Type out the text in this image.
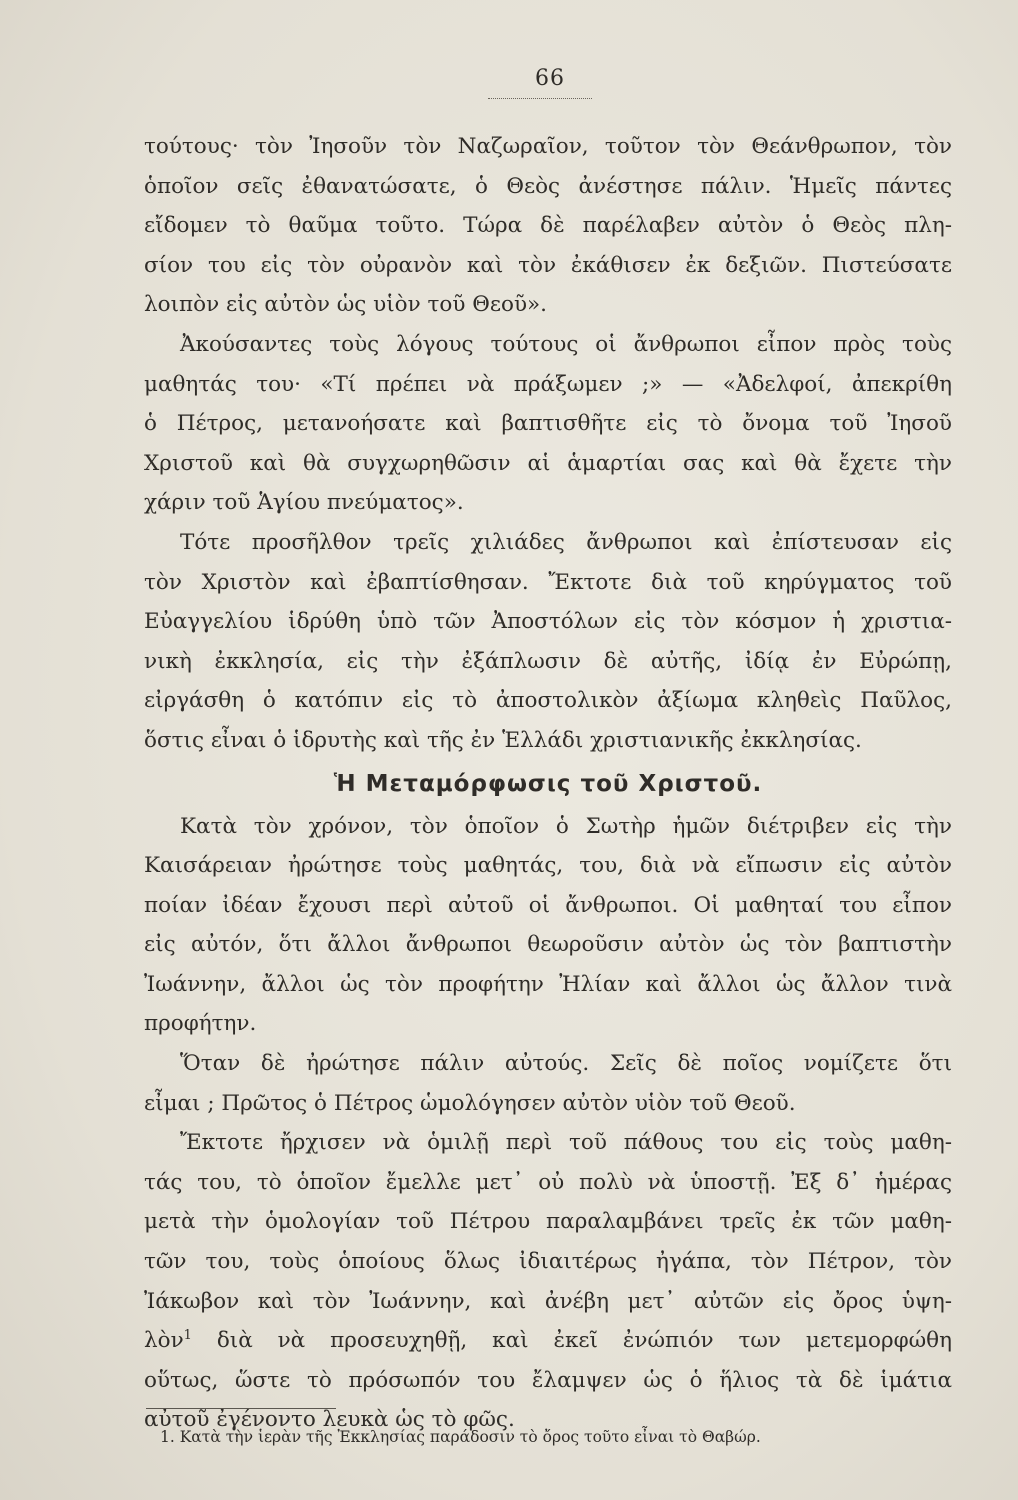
66
τούτους· τὸν Ἰησοῦν τὸν Ναζωραῖον, τοῦτον τὸν Θεάνθρωπον, τὸν
ὁποῖον σεῖς ἐθανατώσατε, ὁ Θεὸς ἀνέστησε πάλιν. Ἡμεῖς πάντες
εἴδομεν τὸ θαῦμα τοῦτο. Τώρα δὲ παρέλαβεν αὐτὸν ὁ Θεὸς πλη-
σίον του εἰς τὸν οὐρανὸν καὶ τὸν ἐκάθισεν ἐκ δεξιῶν. Πιστεύσατε
λοιπὸν εἰς αὐτὸν ὡς υἱὸν τοῦ Θεοῦ».
Ἀκούσαντες τοὺς λόγους τούτους οἱ ἄνθρωποι εἶπον πρὸς τοὺς
μαθητάς του· «Τί πρέπει νὰ πράξωμεν ;» — «Ἀδελφοί, ἀπεκρίθη
ὁ Πέτρος, μετανοήσατε καὶ βαπτισθῆτε εἰς τὸ ὄνομα τοῦ Ἰησοῦ
Χριστοῦ καὶ θὰ συγχωρηθῶσιν αἱ ἁμαρτίαι σας καὶ θὰ ἔχετε τὴν
χάριν τοῦ Ἁγίου πνεύματος».
Τότε προσῆλθον τρεῖς χιλιάδες ἄνθρωποι καὶ ἐπίστευσαν εἰς
τὸν Χριστὸν καὶ ἐβαπτίσθησαν. Ἔκτοτε διὰ τοῦ κηρύγματος τοῦ
Εὐαγγελίου ἱδρύθη ὑπὸ τῶν Ἀποστόλων εἰς τὸν κόσμον ἡ χριστια-
νικὴ ἐκκλησία, εἰς τὴν ἐξάπλωσιν δὲ αὐτῆς, ἰδίᾳ ἐν Εὐρώπῃ,
εἰργάσθη ὁ κατόπιν εἰς τὸ ἀποστολικὸν ἀξίωμα κληθεὶς Παῦλος,
ὅστις εἶναι ὁ ἱδρυτὴς καὶ τῆς ἐν Ἑλλάδι χριστιανικῆς ἐκκλησίας.
Ἡ Μεταμόρφωσις τοῦ Χριστοῦ.
Κατὰ τὸν χρόνον, τὸν ὁποῖον ὁ Σωτὴρ ἡμῶν διέτριβεν εἰς τὴν
Καισάρειαν ἠρώτησε τοὺς μαθητάς, του, διὰ νὰ εἴπωσιν εἰς αὐτὸν
ποίαν ἰδέαν ἔχουσι περὶ αὐτοῦ οἱ ἄνθρωποι. Οἱ μαθηταί του εἶπον
εἰς αὐτόν, ὅτι ἄλλοι ἄνθρωποι θεωροῦσιν αὐτὸν ὡς τὸν βαπτιστὴν
Ἰωάννην, ἄλλοι ὡς τὸν προφήτην Ἠλίαν καὶ ἄλλοι ὡς ἄλλον τινὰ
προφήτην.
Ὅταν δὲ ἠρώτησε πάλιν αὐτούς. Σεῖς δὲ ποῖος νομίζετε ὅτι
εἶμαι ; Πρῶτος ὁ Πέτρος ὡμολόγησεν αὐτὸν υἱὸν τοῦ Θεοῦ.
Ἔκτοτε ἤρχισεν νὰ ὁμιλῇ περὶ τοῦ πάθους του εἰς τοὺς μαθη-
τάς του, τὸ ὁποῖον ἔμελλε μετ᾽ οὐ πολὺ νὰ ὑποστῇ. Ἐξ δ᾽ ἡμέρας
μετὰ τὴν ὁμολογίαν τοῦ Πέτρου παραλαμβάνει τρεῖς ἐκ τῶν μαθη-
τῶν του, τοὺς ὁποίους ὅλως ἰδιαιτέρως ἠγάπα, τὸν Πέτρον, τὸν
Ἰάκωβον καὶ τὸν Ἰωάννην, καὶ ἀνέβη μετ᾽ αὐτῶν εἰς ὄρος ὑψη-
λὸν$^1$ διὰ νὰ προσευχηθῇ, καὶ ἐκεῖ ἐνώπιόν των μετεμορφώθη
οὕτως, ὥστε τὸ πρόσωπόν του ἔλαμψεν ὡς ὁ ἥλιος τὰ δὲ ἱμάτια
αὐτοῦ ἐγένοντο λευκὰ ὡς τὸ φῶς.
1. Κατὰ τὴν ἱερὰν τῆς Ἐκκλησίας παράδοσιν τὸ ὄρος τοῦτο εἶναι τὸ Θαβώρ.
